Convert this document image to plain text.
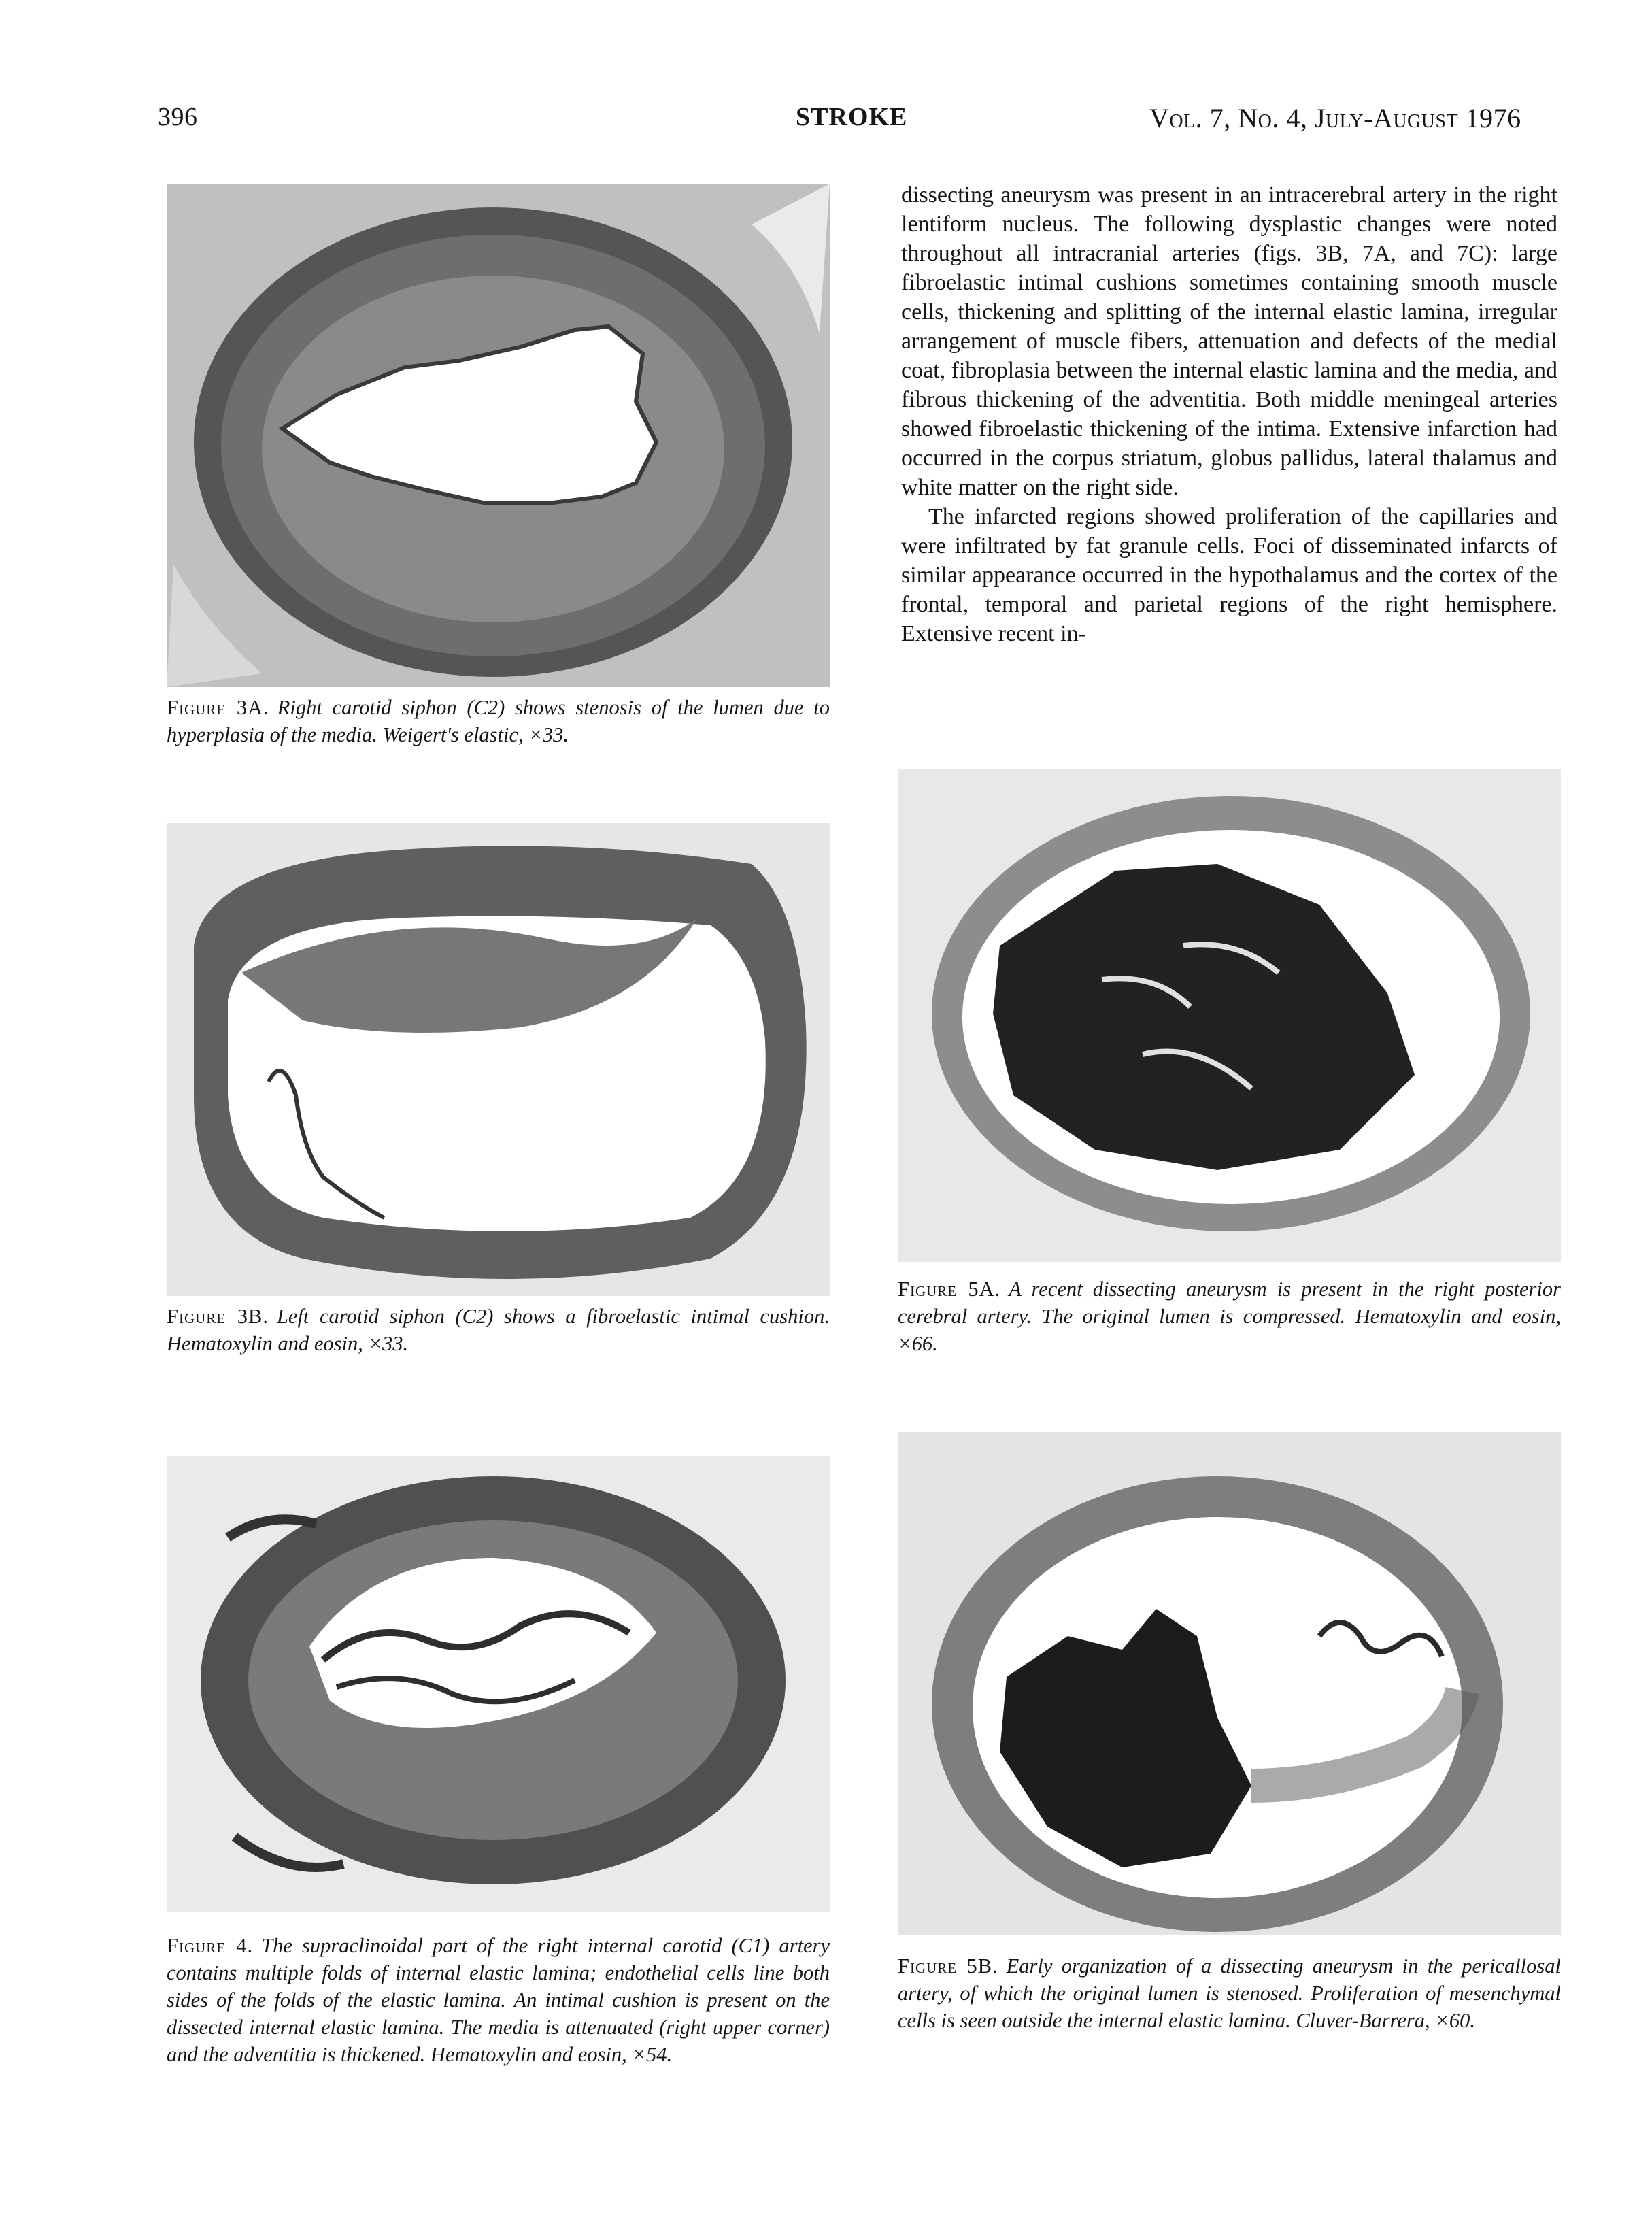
396	STROKE	Vol. 7, No. 4, July-August 1976
Figure 3A. Right carotid siphon (C2) shows stenosis of the lumen due to hyperplasia of the media. Weigert's elastic, ×33.

dissecting aneurysm was present in an intracerebral artery in the right lentiform nucleus. The following dysplastic changes were noted throughout all intracranial arteries (figs. 3B, 7A, and 7C): large fibroelastic intimal cushions sometimes containing smooth muscle cells, thickening and splitting of the internal elastic lamina, irregular arrangement of muscle fibers, attenuation and defects of the medial coat, fibroplasia between the internal elastic lamina and the media, and fibrous thickening of the adventitia. Both middle meningeal arteries showed fibroelastic thickening of the intima. Extensive infarction had occurred in the corpus striatum, globus pallidus, lateral thalamus and white matter on the right side.

The infarcted regions showed proliferation of the capillaries and were infiltrated by fat granule cells. Foci of disseminated infarcts of similar appearance occurred in the hypothalamus and the cortex of the frontal, temporal and parietal regions of the right hemisphere. Extensive recent in-

Figure 3B. Left carotid siphon (C2) shows a fibroelastic intimal cushion. Hematoxylin and eosin, ×33.
Figure 5A. A recent dissecting aneurysm is present in the right posterior cerebral artery. The original lumen is compressed. Hematoxylin and eosin, ×66.
Figure 4. The supraclinoidal part of the right internal carotid (C1) artery contains multiple folds of internal elastic lamina; endothelial cells line both sides of the folds of the elastic lamina. An intimal cushion is present on the dissected internal elastic lamina. The media is attenuated (right upper corner) and the adventitia is thickened. Hematoxylin and eosin, ×54.
Figure 5B. Early organization of a dissecting aneurysm in the pericallosal artery, of which the original lumen is stenosed. Proliferation of mesenchymal cells is seen outside the internal elastic lamina. Cluver-Barrera, ×60.
